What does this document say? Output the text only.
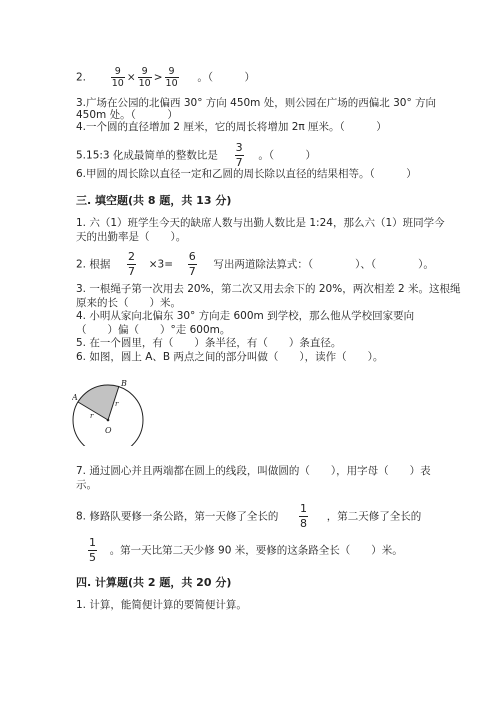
2.	$\frac{9}{10} \times \frac{9}{10} > \frac{9}{10}$ 。（　　　）
3.广场在公园的北偏西 30° 方向 450m 处，则公园在广场的西偏北 30° 方向
450m 处。（　　　）
4.一个圆的直径增加 2 厘米，它的周长将增加 2π 厘米。（　　　）
5.15:3 化成最简单的整数比是 $\frac{3}{7}$ 。（　　　）
6.甲圆的周长除以直径一定和乙圆的周长除以直径的结果相等。（　　　）
三. 填空题(共 8 题，共 13 分)
1. 六（1）班学生今天的缺席人数与出勤人数比是 1:24，那么六（1）班同学今
天的出勤率是（　　）。
2. 根据 $\frac{2}{7} \times 3= \frac{6}{7}$ 写出两道除法算式：（　　　　）、（　　　　）。
3. 一根绳子第一次用去 20%，第二次又用去余下的 20%，两次相差 2 米。这根绳
原来的长（　　）米。
4. 小明从家向北偏东 30° 方向走 600m 到学校，那么他从学校回家要向
（　　）偏（　　）°走 600m。
5. 在一个圆里，有（　　）条半径，有（　　）条直径。
6. 如图，圆上 A、B 两点之间的部分叫做（　　），读作（　　）。
A
B
O
r
r
7. 通过圆心并且两端都在圆上的线段，叫做圆的（　　），用字母（　　）表
示。
8. 修路队要修一条公路，第一天修了全长的 $\frac{1}{8}$ ，第二天修了全长的
$\frac{1}{5}$ 。第一天比第二天少修 90 米，要修的这条路全长（　　）米。
四. 计算题(共 2 题，共 20 分)
1. 计算，能简便计算的要简便计算。
